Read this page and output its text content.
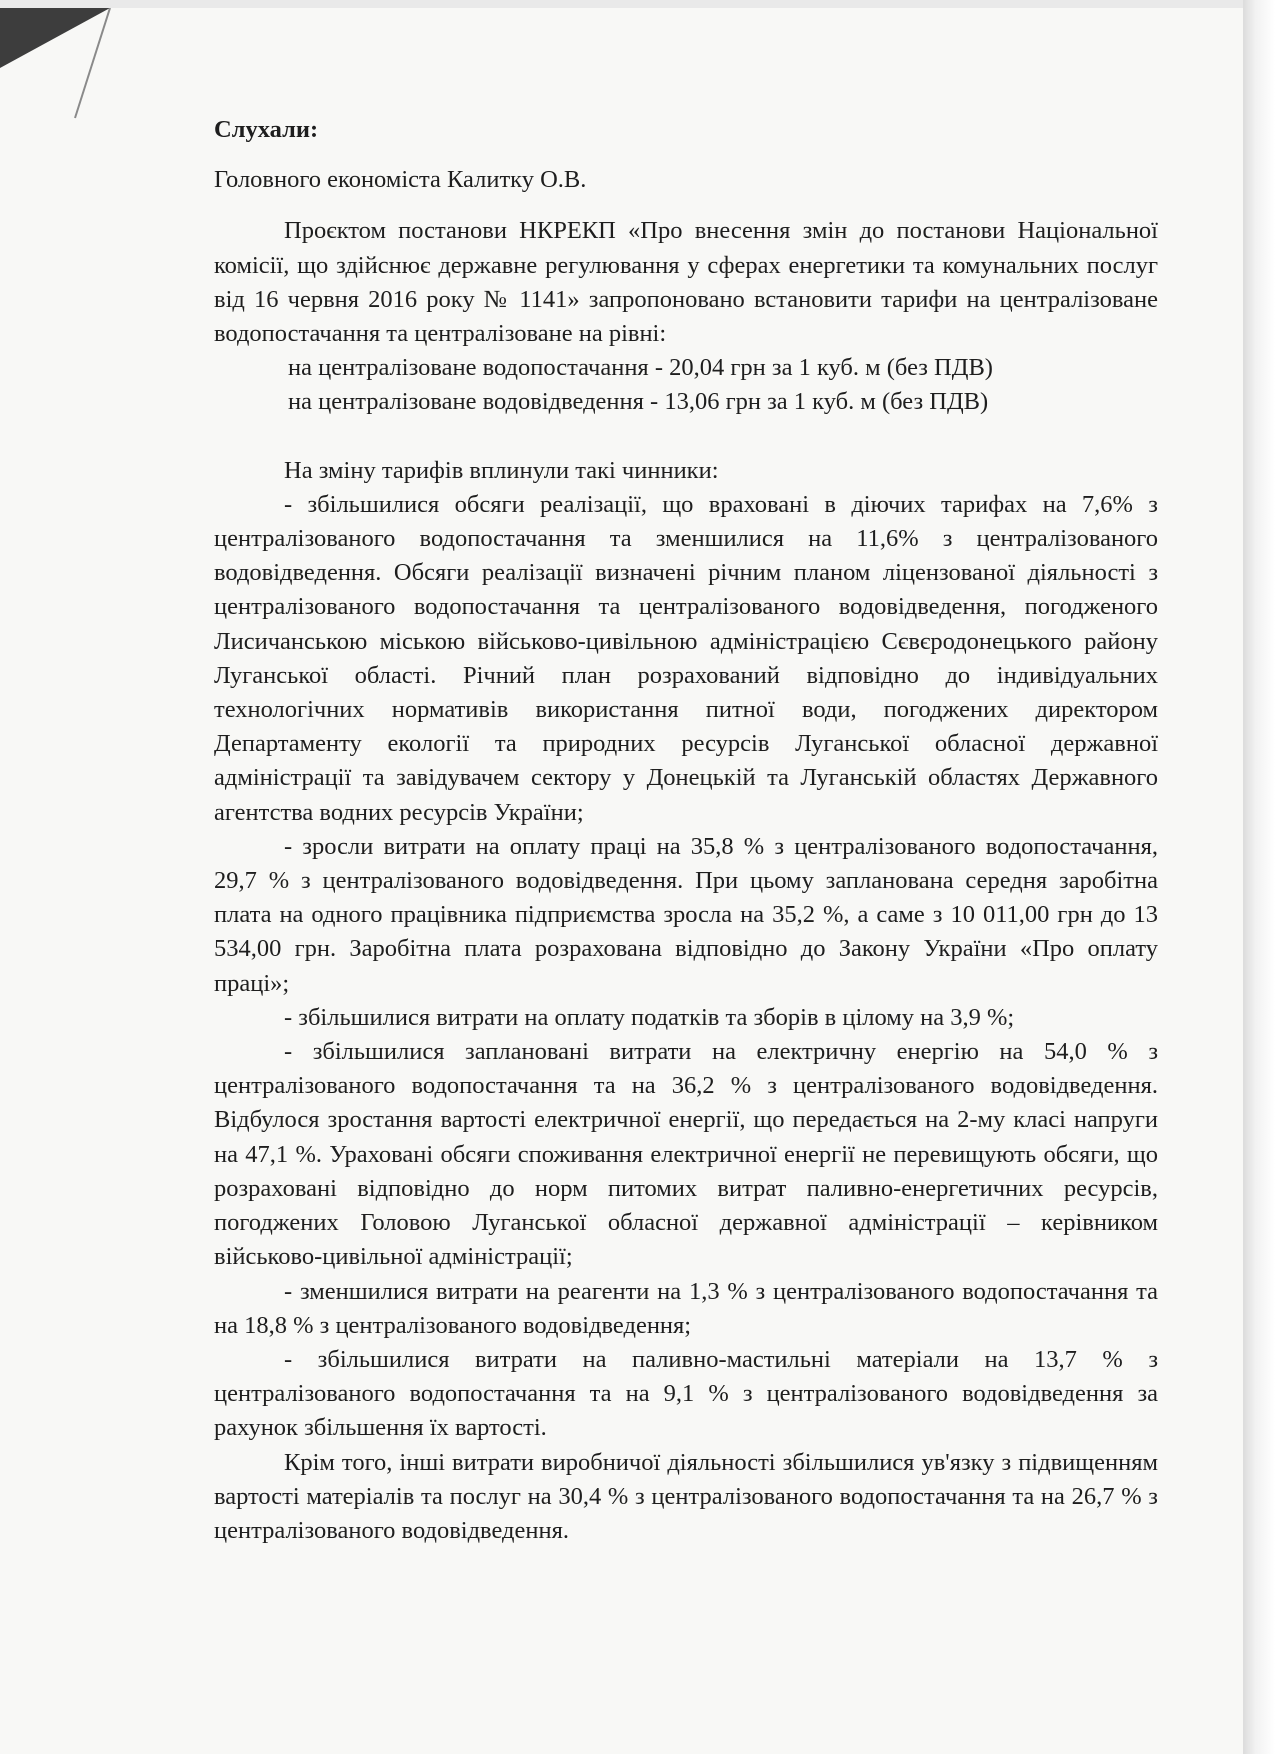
Слухали:

Головного економіста Калитку О.В.

Проєктом постанови НКРЕКП «Про внесення змін до постанови Національної комісії, що здійснює державне регулювання у сферах енергетики та комунальних послуг від 16 червня 2016 року № 1141» запропоновано встановити тарифи на централізоване водопостачання та централізоване на рівні:

на централізоване водопостачання - 20,04 грн за 1 куб. м (без ПДВ)
на централізоване водовідведення - 13,06 грн за 1 куб. м (без ПДВ)

На зміну тарифів вплинули такі чинники:

- збільшилися обсяги реалізації, що враховані в діючих тарифах на 7,6% з централізованого водопостачання та зменшилися на 11,6% з централізованого водовідведення. Обсяги реалізації визначені річним планом ліцензованої діяльності з централізованого водопостачання та централізованого водовідведення, погодженого Лисичанською міською військово-цивільною адміністрацією Сєвєродонецького району Луганської області. Річний план розрахований відповідно до індивідуальних технологічних нормативів використання питної води, погоджених директором Департаменту екології та природних ресурсів Луганської обласної державної адміністрації та завідувачем сектору у Донецькій та Луганській областях Державного агентства водних ресурсів України;

- зросли витрати на оплату праці на 35,8 % з централізованого водопостачання, 29,7 % з централізованого водовідведення. При цьому запланована середня заробітна плата на одного працівника підприємства зросла на 35,2 %, а саме з 10 011,00 грн до 13 534,00 грн. Заробітна плата розрахована відповідно до Закону України «Про оплату праці»;

- збільшилися витрати на оплату податків та зборів в цілому на 3,9 %;

- збільшилися заплановані витрати на електричну енергію на 54,0 % з централізованого водопостачання та на 36,2 % з централізованого водовідведення. Відбулося зростання вартості електричної енергії, що передається на 2-му класі напруги на 47,1 %. Ураховані обсяги споживання електричної енергії не перевищують обсяги, що розраховані відповідно до норм питомих витрат паливно-енергетичних ресурсів, погоджених Головою Луганської обласної державної адміністрації – керівником військово-цивільної адміністрації;

- зменшилися витрати на реагенти на 1,3 % з централізованого водопостачання та на 18,8 % з централізованого водовідведення;

- збільшилися витрати на паливно-мастильні матеріали на 13,7 % з централізованого водопостачання та на 9,1 % з централізованого водовідведення за рахунок збільшення їх вартості.

Крім того, інші витрати виробничої діяльності збільшилися ув'язку з підвищенням вартості матеріалів та послуг на 30,4 % з централізованого водопостачання та на 26,7 % з централізованого водовідведення.
